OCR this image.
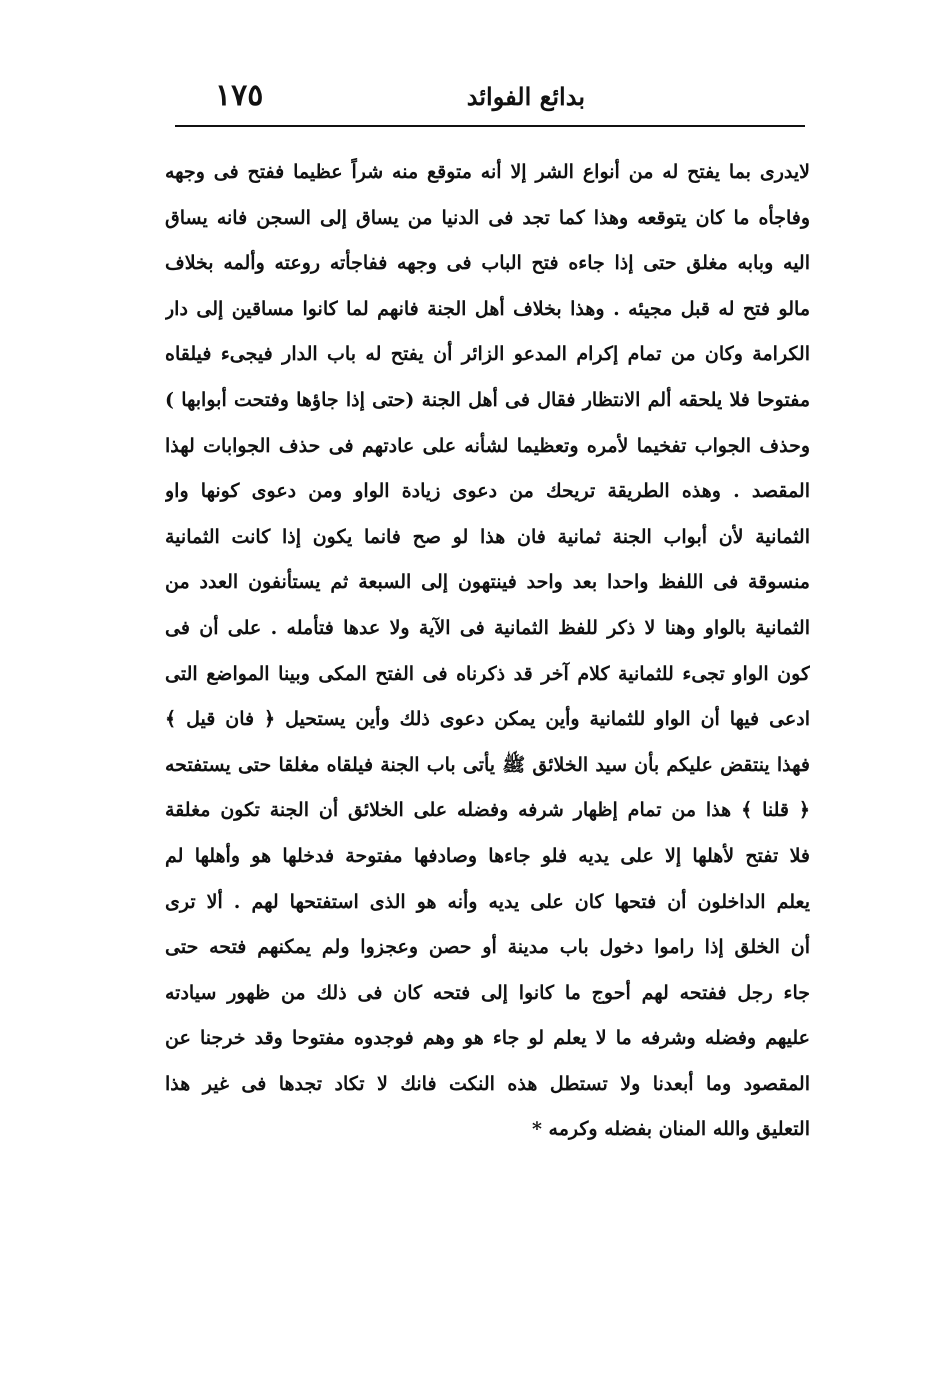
بدائع الفوائد
١٧٥
لايدرى بما يفتح له من أنواع الشر إلا أنه متوقع منه شراً عظيما ففتح فى وجهه
وفاجأه ما كان يتوقعه وهذا كما تجد فى الدنيا من يساق إلى السجن فانه يساق
اليه وبابه مغلق حتى إذا جاءه فتح الباب فى وجهه ففاجأته روعته وألمه بخلاف
مالو فتح له قبل مجيئه . وهذا بخلاف أهل الجنة فانهم لما كانوا مساقين إلى دار
الكرامة وكان من تمام إكرام المدعو الزائر أن يفتح له باب الدار فيجىء فيلقاه
مفتوحا فلا يلحقه ألم الانتظار فقال فى أهل الجنة (حتى إذا جاؤها وفتحت أبوابها )
وحذف الجواب تفخيما لأمره وتعظيما لشأنه على عادتهم فى حذف الجوابات لهذا
المقصد . وهذه الطريقة تريحك من دعوى زيادة الواو ومن دعوى كونها واو
الثمانية لأن أبواب الجنة ثمانية فان هذا لو صح فانما يكون إذا كانت الثمانية
منسوقة فى اللفظ واحدا بعد واحد فينتهون إلى السبعة ثم يستأنفون العدد من
الثمانية بالواو وهنا لا ذكر للفظ الثمانية فى الآية ولا عدها فتأمله . على أن فى
كون الواو تجىء للثمانية كلام آخر قد ذكرناه فى الفتح المكى وبينا المواضع التى
ادعى فيها أن الواو للثمانية وأين يمكن دعوى ذلك وأين يستحيل ﴿ فان قيل ﴾
فهذا ينتقض عليكم بأن سيد الخلائق ﷺ يأتى باب الجنة فيلقاه مغلقا حتى يستفتحه
﴿ قلنا ﴾ هذا من تمام إظهار شرفه وفضله على الخلائق أن الجنة تكون مغلقة
فلا تفتح لأهلها إلا على يديه فلو جاءها وصادفها مفتوحة فدخلها هو وأهلها لم
يعلم الداخلون أن فتحها كان على يديه وأنه هو الذى استفتحها لهم . ألا ترى
أن الخلق إذا راموا دخول باب مدينة أو حصن وعجزوا ولم يمكنهم فتحه حتى
جاء رجل ففتحه لهم أحوج ما كانوا إلى فتحه كان فى ذلك من ظهور سيادته
عليهم وفضله وشرفه ما لا يعلم لو جاء هو وهم فوجدوه مفتوحا وقد خرجنا عن
المقصود وما أبعدنا ولا تستطل هذه النكت فانك لا تكاد تجدها فى غير هذا
التعليق والله المنان بفضله وكرمه *
